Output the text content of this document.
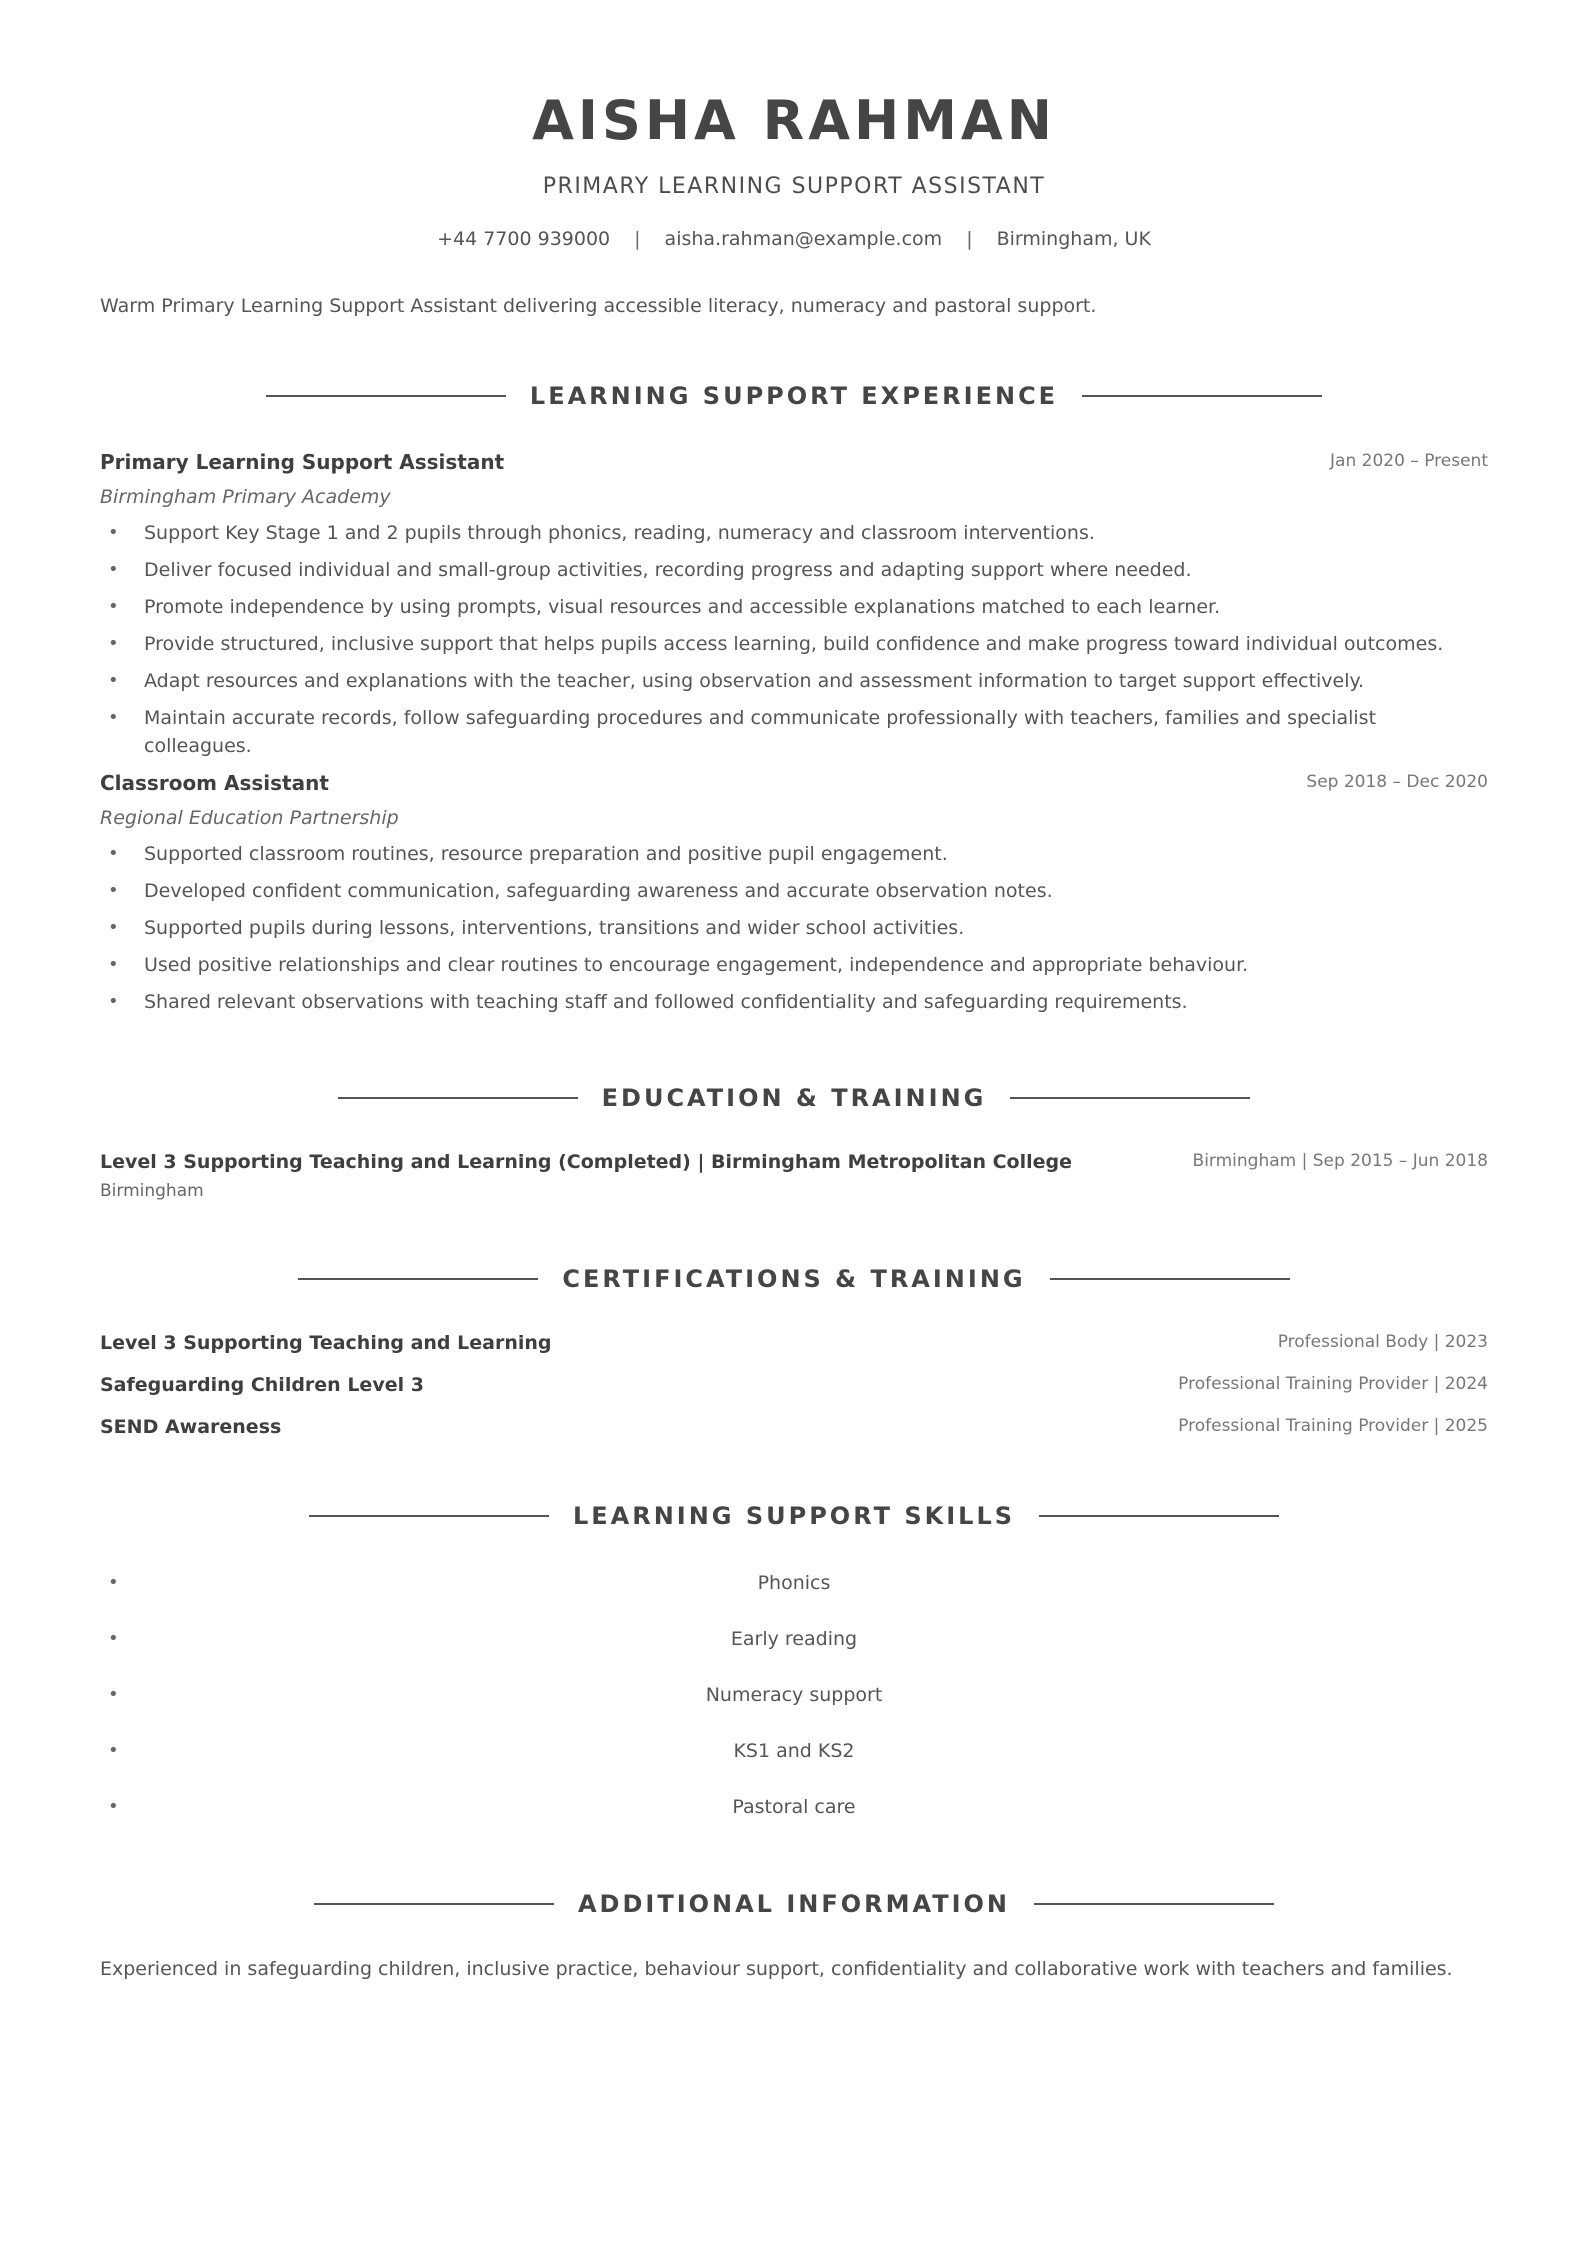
AISHA RAHMAN
PRIMARY LEARNING SUPPORT ASSISTANT
+44 7700 939000 | aisha.rahman@example.com | Birmingham, UK
Warm Primary Learning Support Assistant delivering accessible literacy, numeracy and pastoral support.
LEARNING SUPPORT EXPERIENCE
Primary Learning Support Assistant	Jan 2020 – Present
Birmingham Primary Academy
• Support Key Stage 1 and 2 pupils through phonics, reading, numeracy and classroom interventions.
• Deliver focused individual and small-group activities, recording progress and adapting support where needed.
• Promote independence by using prompts, visual resources and accessible explanations matched to each learner.
• Provide structured, inclusive support that helps pupils access learning, build confidence and make progress toward individual outcomes.
• Adapt resources and explanations with the teacher, using observation and assessment information to target support effectively.
• Maintain accurate records, follow safeguarding procedures and communicate professionally with teachers, families and specialist colleagues.
Classroom Assistant	Sep 2018 – Dec 2020
Regional Education Partnership
• Supported classroom routines, resource preparation and positive pupil engagement.
• Developed confident communication, safeguarding awareness and accurate observation notes.
• Supported pupils during lessons, interventions, transitions and wider school activities.
• Used positive relationships and clear routines to encourage engagement, independence and appropriate behaviour.
• Shared relevant observations with teaching staff and followed confidentiality and safeguarding requirements.
EDUCATION & TRAINING
Level 3 Supporting Teaching and Learning (Completed) | Birmingham Metropolitan College	Birmingham | Sep 2015 – Jun 2018
Birmingham
CERTIFICATIONS & TRAINING
Level 3 Supporting Teaching and Learning	Professional Body | 2023
Safeguarding Children Level 3	Professional Training Provider | 2024
SEND Awareness	Professional Training Provider | 2025
LEARNING SUPPORT SKILLS
• Phonics
• Early reading
• Numeracy support
• KS1 and KS2
• Pastoral care
ADDITIONAL INFORMATION
Experienced in safeguarding children, inclusive practice, behaviour support, confidentiality and collaborative work with teachers and families.
